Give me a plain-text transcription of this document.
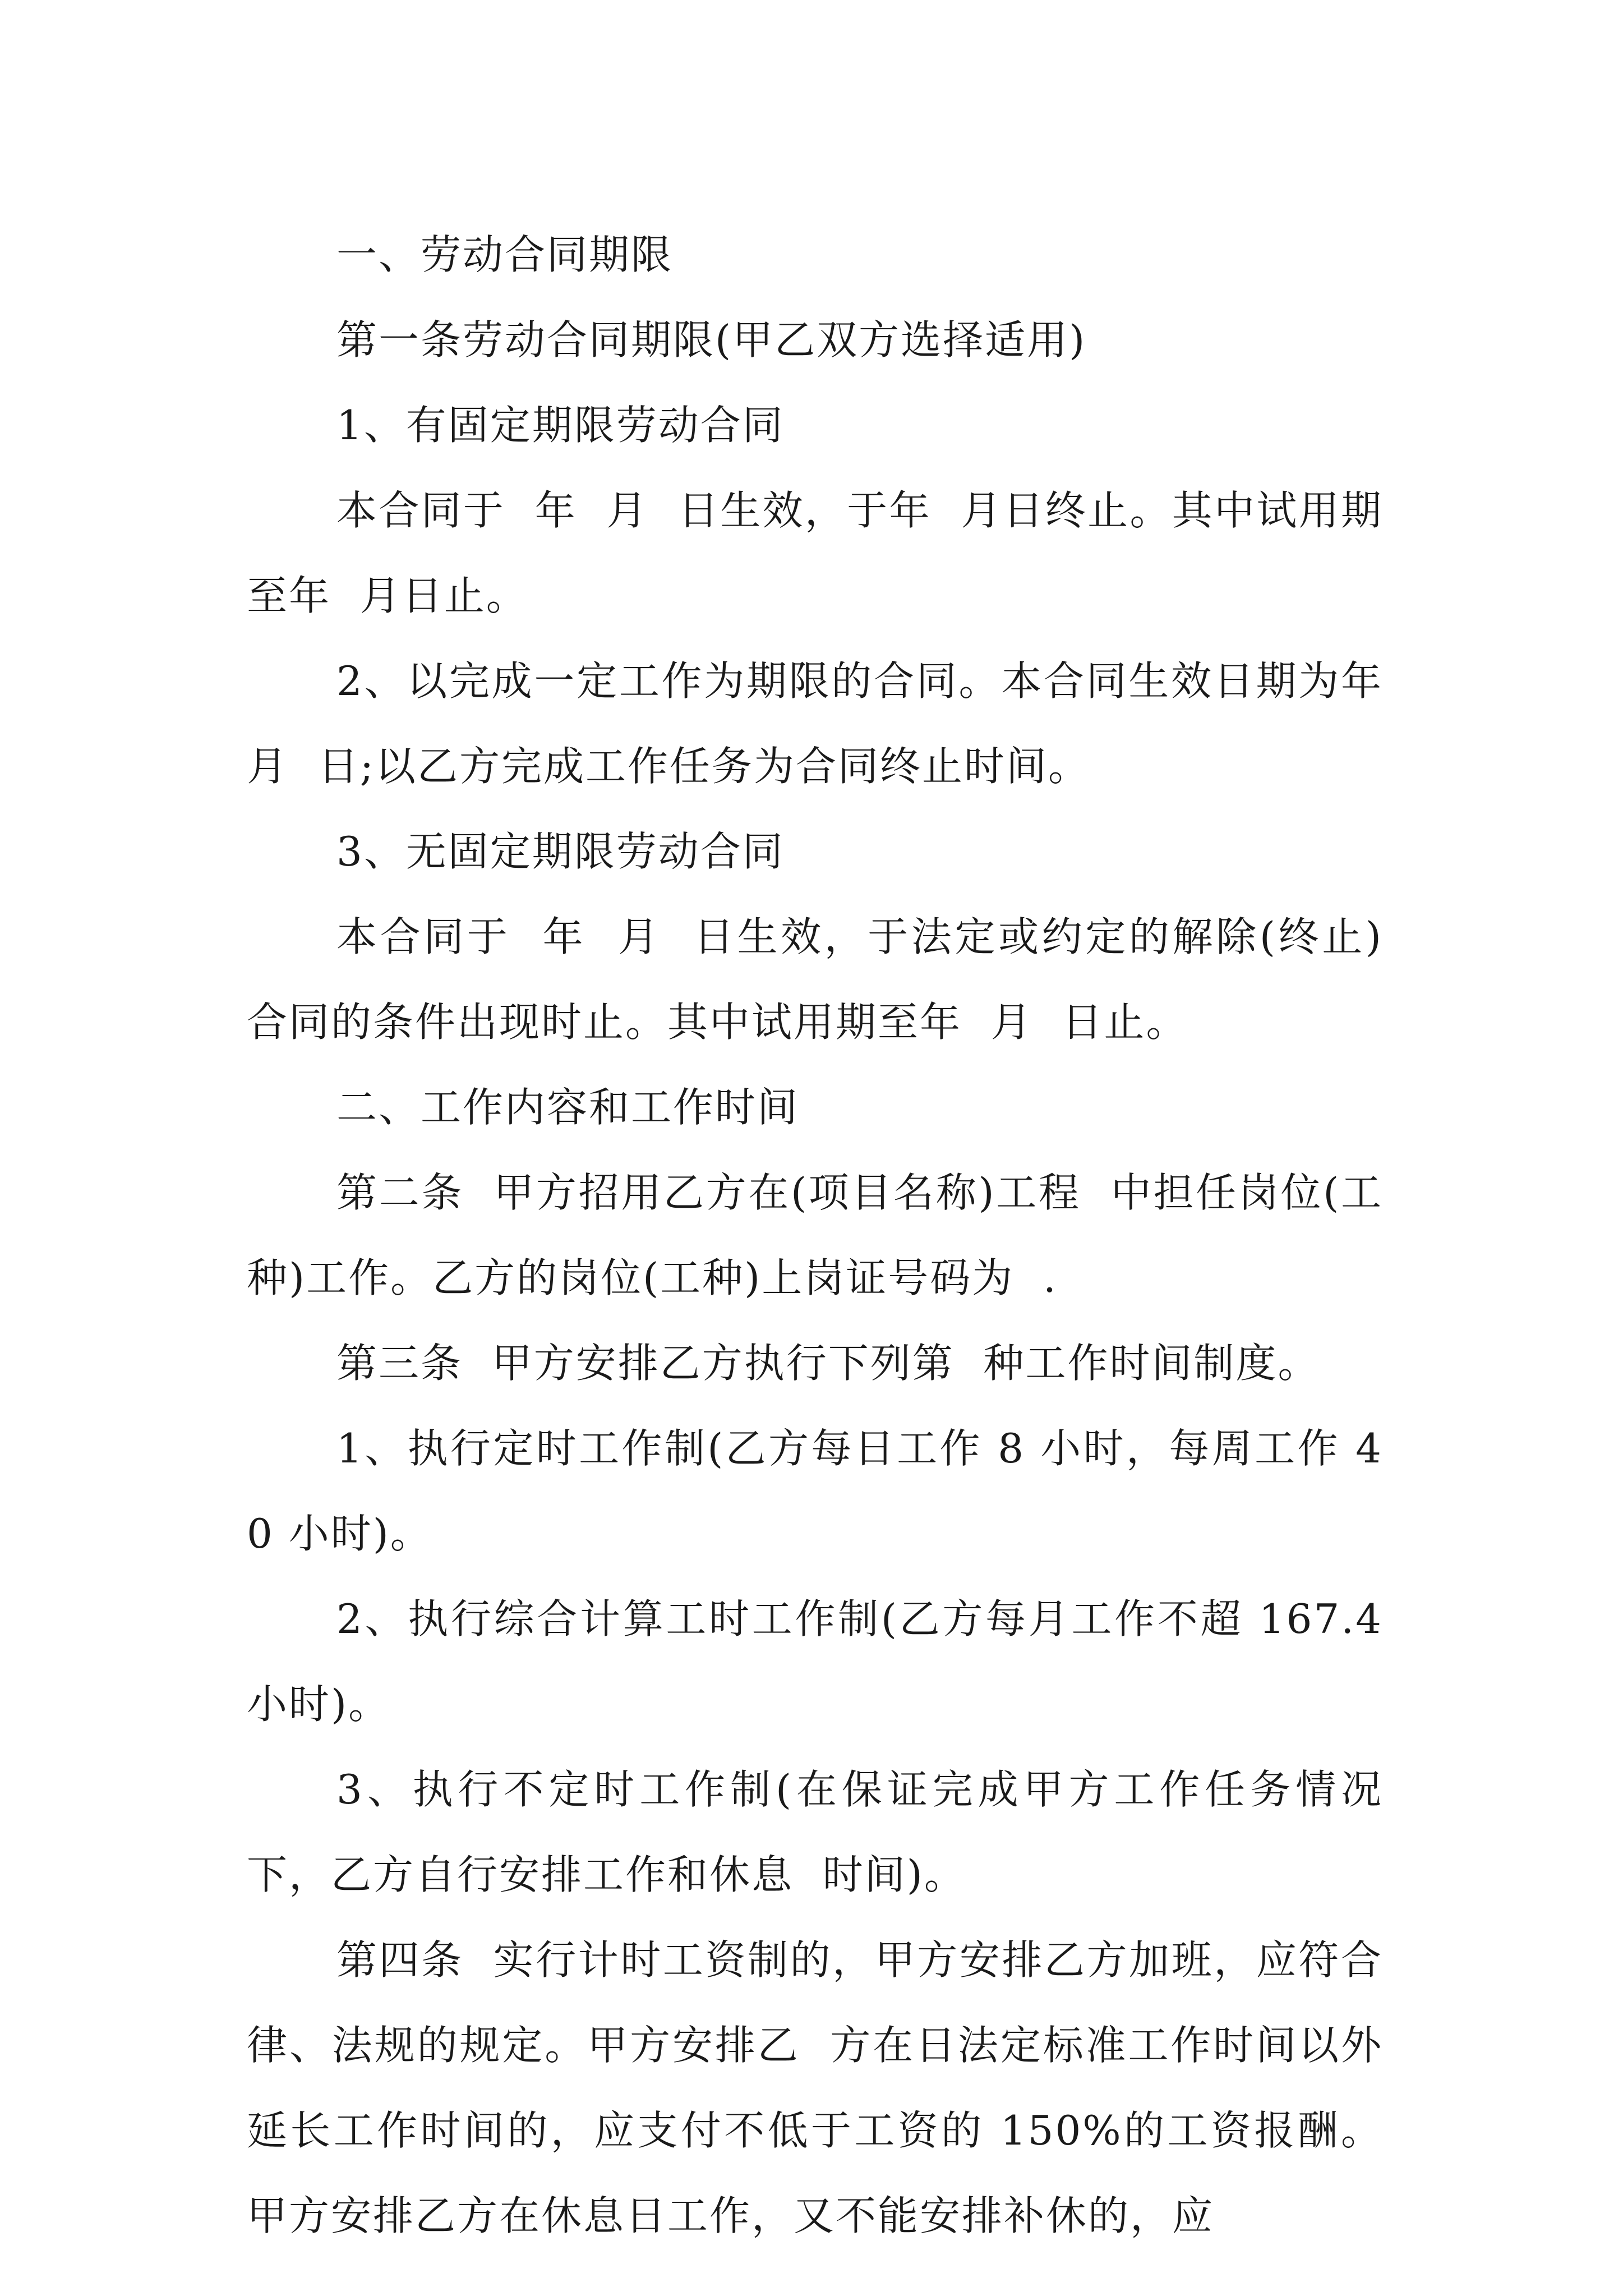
一、劳动合同期限

第一条劳动合同期限(甲乙双方选择适用)

1、有固定期限劳动合同

本合同于  年  月  日生效，于年  月日终止。其中试用期至年  月日止。

2、以完成一定工作为期限的合同。本合同生效日期为年  月  日;以乙方完成工作任务为合同终止时间。

3、无固定期限劳动合同

本合同于  年  月  日生效，于法定或约定的解除(终止)合同的条件出现时止。其中试用期至年  月  日止。

二、工作内容和工作时间

第二条  甲方招用乙方在(项目名称)工程  中担任岗位(工种)工作。乙方的岗位(工种)上岗证号码为  .

第三条  甲方安排乙方执行下列第  种工作时间制度。

1、执行定时工作制(乙方每日工作 8 小时，每周工作 40 小时)。

2、执行综合计算工时工作制(乙方每月工作不超 167.4 小时)。

3、执行不定时工作制(在保证完成甲方工作任务情况下，乙方自行安排工作和休息  时间)。

第四条  实行计时工资制的，甲方安排乙方加班，应符合律、法规的规定。甲方安排乙  方在日法定标准工作时间以外延长工作时间的，应支付不低于工资的 150%的工资报酬。  甲方安排乙方在休息日工作，又不能安排补休的，应
